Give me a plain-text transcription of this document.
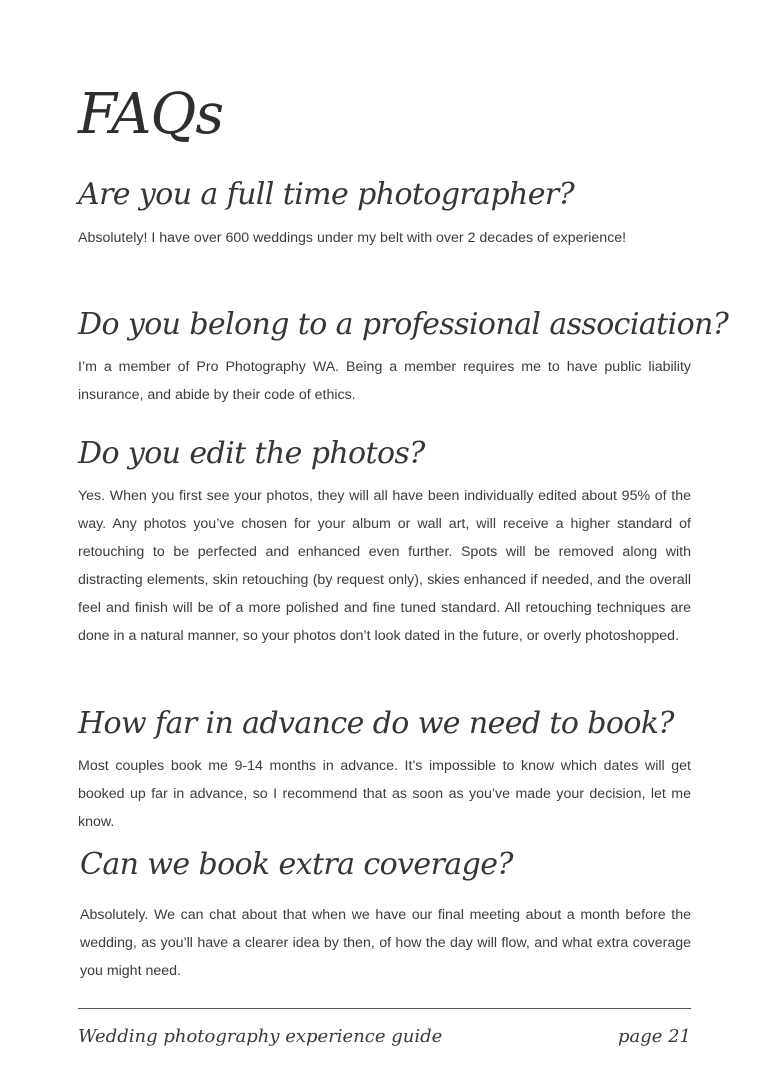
FAQs
Are you a full time photographer?

Absolutely! I have over 600 weddings under my belt with over 2 decades of experience!

Do you belong to a professional association?

I’m a member of Pro Photography WA. Being a member requires me to have public liability insurance, and abide by their code of ethics.

Do you edit the photos?

Yes. When you first see your photos, they will all have been individually edited about 95% of the way. Any photos you’ve chosen for your album or wall art, will receive a higher standard of retouching to be perfected and enhanced even further. Spots will be removed along with distracting elements, skin retouching (by request only), skies enhanced if needed, and the overall feel and finish will be of a more polished and fine tuned standard. All retouching techniques are done in a natural manner, so your photos don’t look dated in the future, or overly photoshopped.

How far in advance do we need to book?

Most couples book me 9-14 months in advance. It’s impossible to know which dates will get booked up far in advance, so I recommend that as soon as you’ve made your decision, let me know.

Can we book extra coverage?

Absolutely. We can chat about that when we have our final meeting about a month before the wedding, as you’ll have a clearer idea by then, of how the day will flow, and what extra coverage you might need.

Wedding photography experience guide	page 21
